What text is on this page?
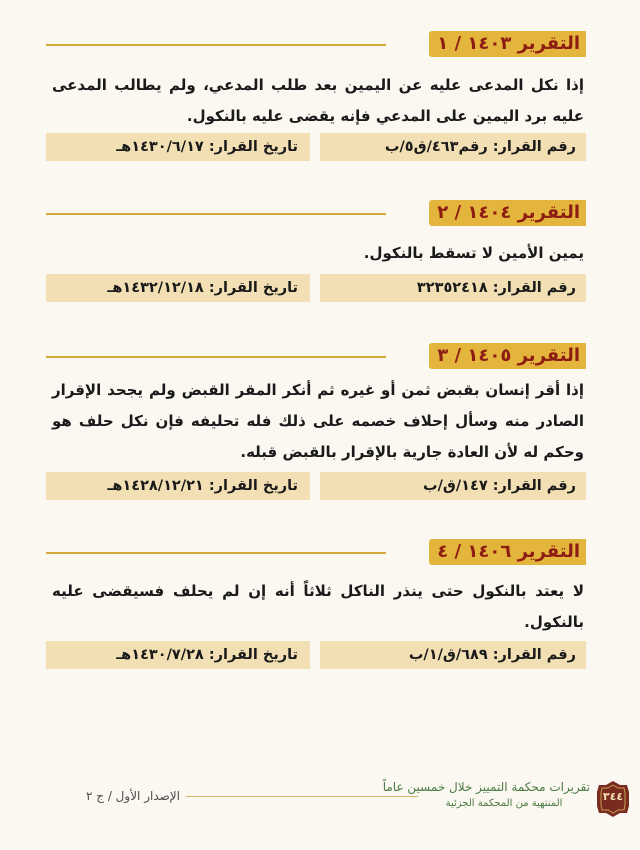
التقرير ١٤٠٣ / ١
إذا نكل المدعى عليه عن اليمين بعد طلب المدعي، ولم يطالب المدعى عليه برد اليمين على المدعي فإنه يقضى عليه بالنكول.
رقم القرار: رقم٤٦٣/ق٥/ب
تاريخ القرار: ١٤٣٠/٦/١٧هـ
التقرير ١٤٠٤ / ٢
يمين الأمين لا تسقط بالنكول.
رقم القرار: ٣٢٣٥٢٤١٨
تاريخ القرار: ١٤٣٢/١٢/١٨هـ
التقرير ١٤٠٥ / ٣
إذا أقر إنسان بقبض ثمن أو غيره ثم أنكر المقر القبض ولم يجحد الإقرار الصادر منه وسأل إحلاف خصمه على ذلك فله تحليفه فإن نكل حلف هو وحكم له لأن العادة جارية بالإقرار بالقبض قبله.
رقم القرار: ١٤٧/ق/ب
تاريخ القرار: ١٤٢٨/١٢/٢١هـ
التقرير ١٤٠٦ / ٤
لا يعتد بالنكول حتى ينذر الناكل ثلاثاً أنه إن لم يحلف فسيقضى عليه بالنكول.
رقم القرار: ٦٨٩/ق/١/ب
تاريخ القرار: ١٤٣٠/٧/٢٨هـ
الإصدار الأول / ج ٢
تقريرات محكمة التمييز خلال خمسين عاماً
المنتهية من المحكمة الجزئية
٣٤٤
